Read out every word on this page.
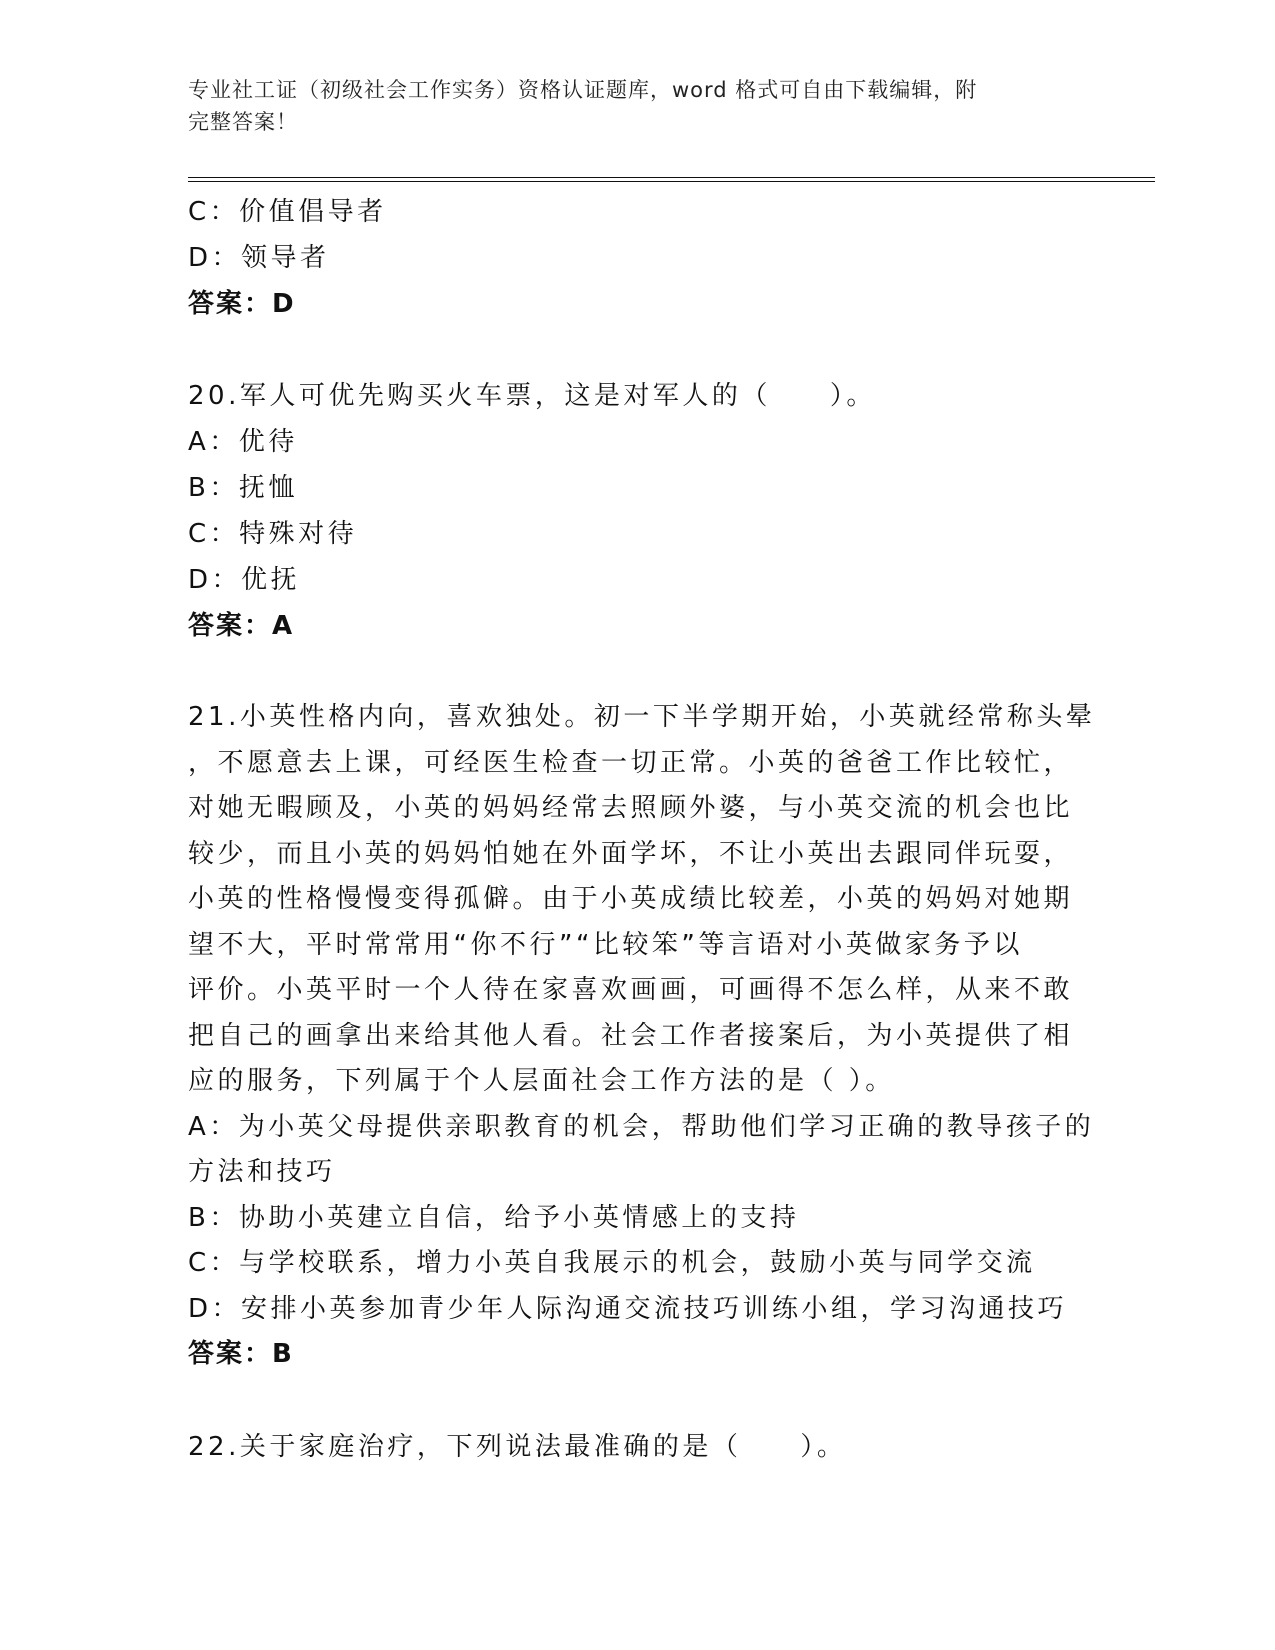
专业社工证（初级社会工作实务）资格认证题库，word 格式可自由下载编辑，附
完整答案！
C：价值倡导者
D：领导者
答案：D
20.军人可优先购买火车票，这是对军人的（　　）。
A：优待
B：抚恤
C：特殊对待
D：优抚
答案：A
21.小英性格内向，喜欢独处。初一下半学期开始，小英就经常称头晕
，不愿意去上课，可经医生检查一切正常。小英的爸爸工作比较忙，
对她无暇顾及，小英的妈妈经常去照顾外婆，与小英交流的机会也比
较少，而且小英的妈妈怕她在外面学坏，不让小英出去跟同伴玩耍，
小英的性格慢慢变得孤僻。由于小英成绩比较差，小英的妈妈对她期
望不大，平时常常用“你不行”“比较笨”等言语对小英做家务予以
评价。小英平时一个人待在家喜欢画画，可画得不怎么样，从来不敢
把自己的画拿出来给其他人看。社会工作者接案后，为小英提供了相
应的服务，下列属于个人层面社会工作方法的是（ ）。
A：为小英父母提供亲职教育的机会，帮助他们学习正确的教导孩子的
方法和技巧
B：协助小英建立自信，给予小英情感上的支持
C：与学校联系，增力小英自我展示的机会，鼓励小英与同学交流
D：安排小英参加青少年人际沟通交流技巧训练小组，学习沟通技巧
答案：B
22.关于家庭治疗，下列说法最准确的是（　　）。
